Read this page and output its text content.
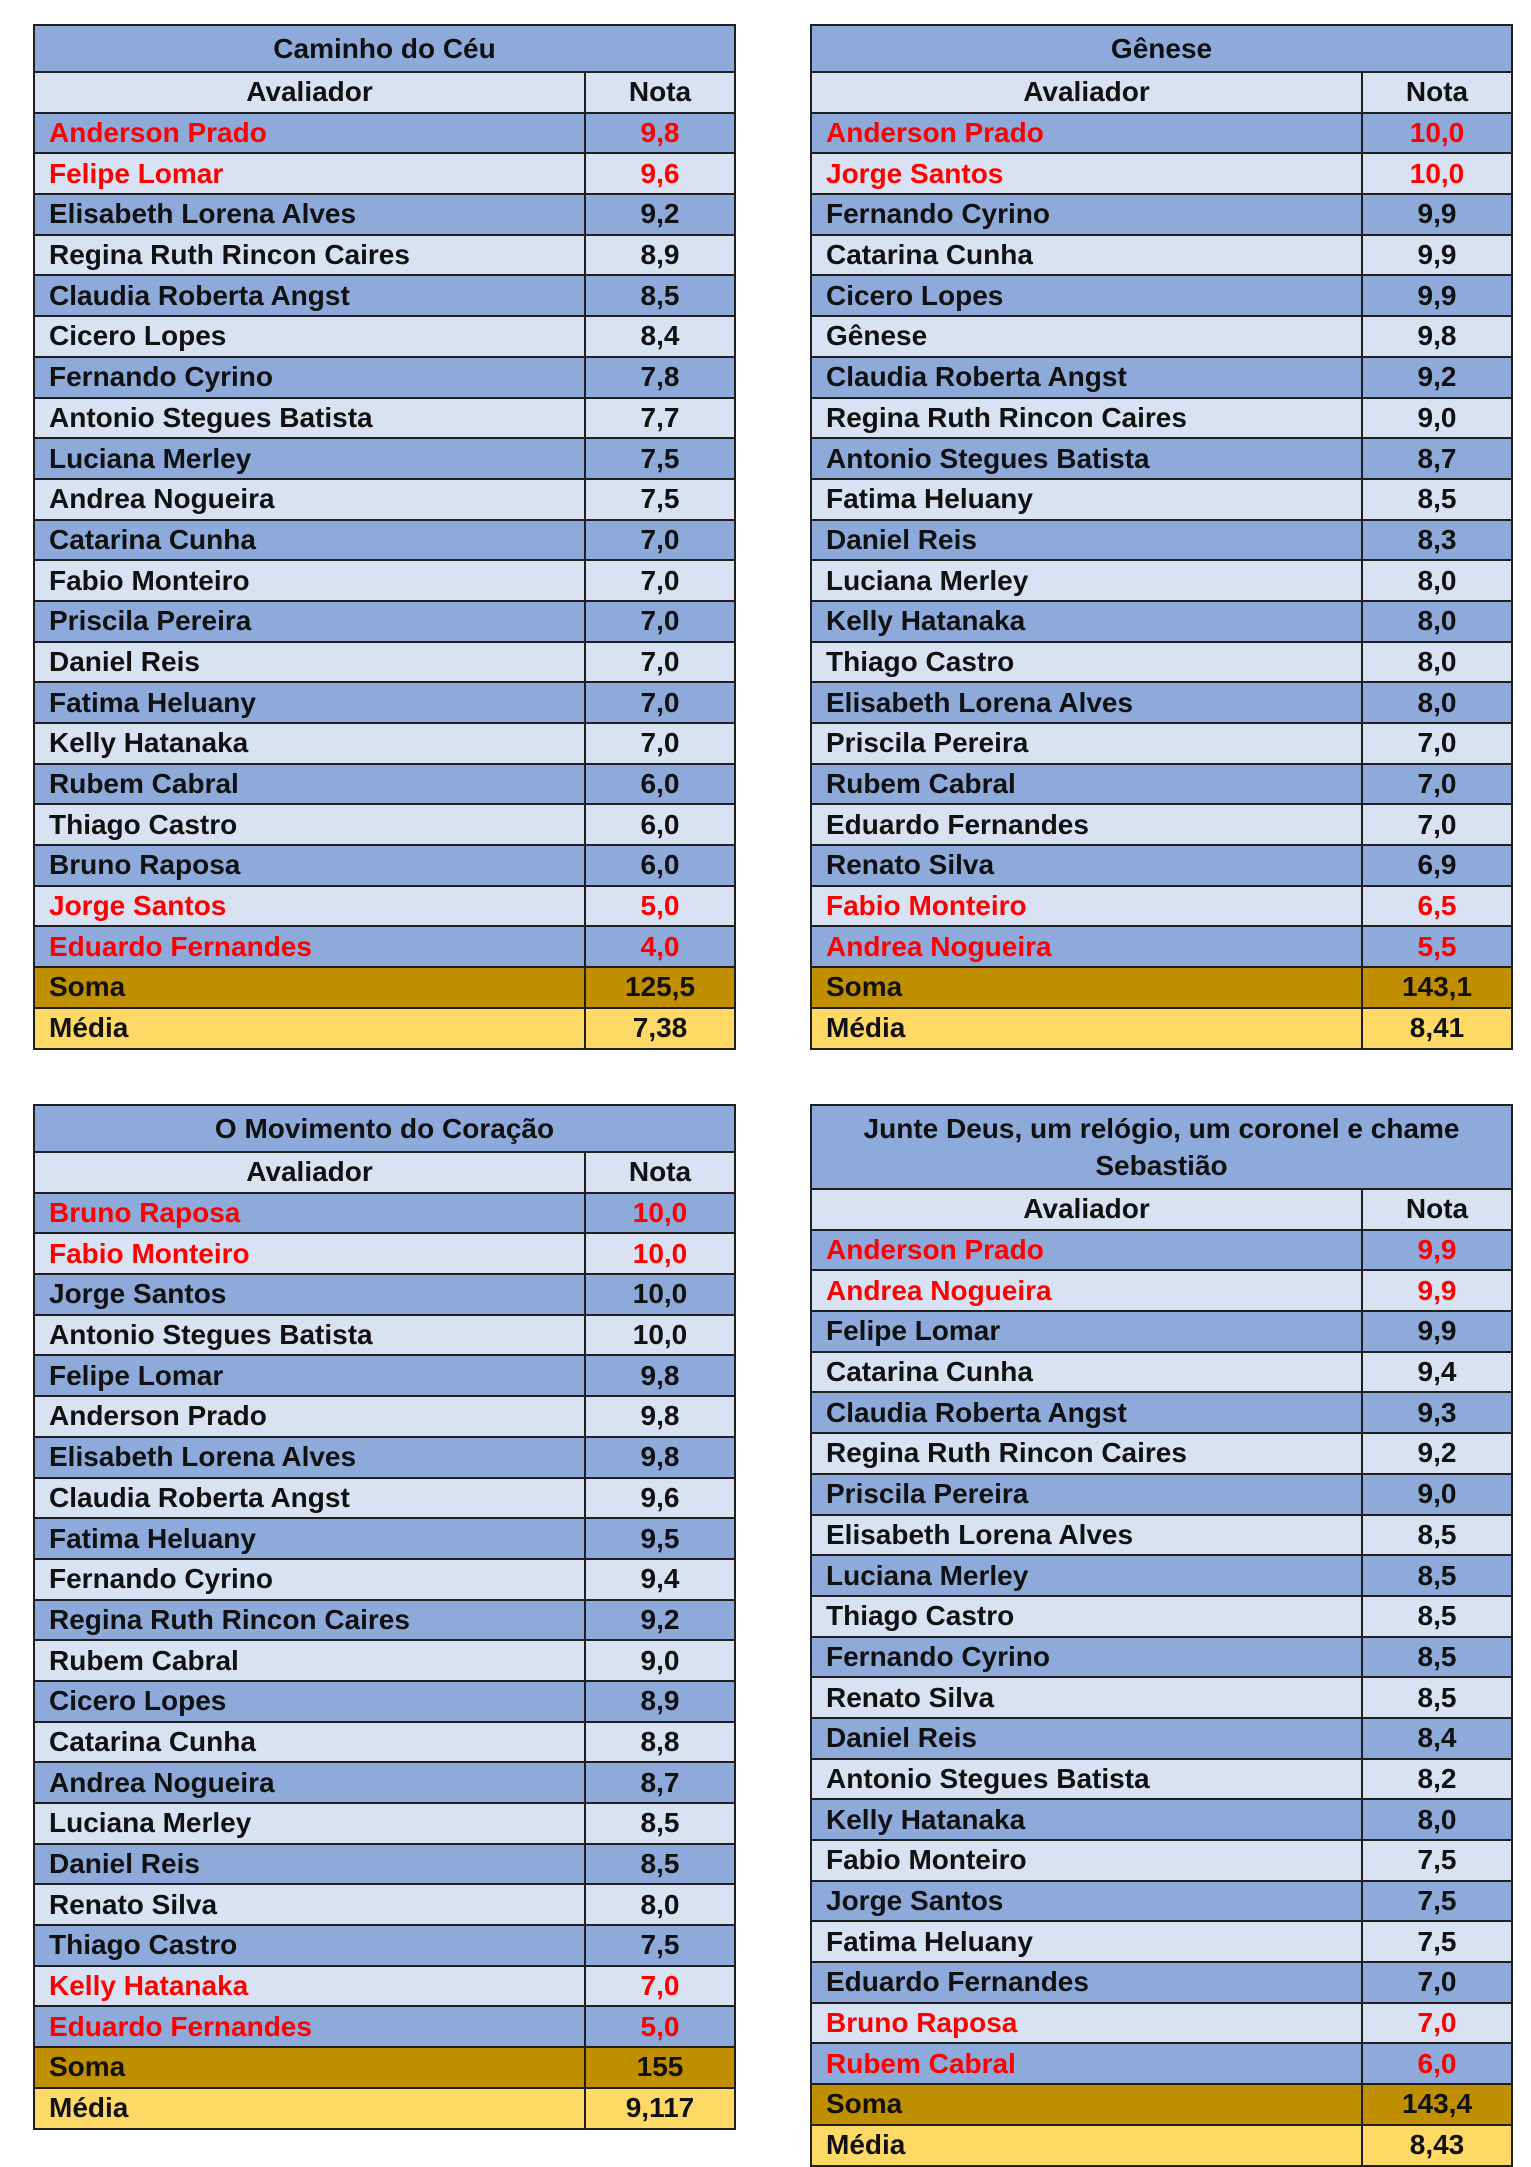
Caminho do Céu	
Avaliador	Nota
Anderson Prado	9,8
Felipe Lomar	9,6
Elisabeth Lorena Alves	9,2
Regina Ruth Rincon Caires	8,9
Claudia Roberta Angst	8,5
Cicero Lopes	8,4
Fernando Cyrino	7,8
Antonio Stegues Batista	7,7
Luciana Merley	7,5
Andrea Nogueira	7,5
Catarina Cunha	7,0
Fabio Monteiro	7,0
Priscila Pereira	7,0
Daniel Reis	7,0
Fatima Heluany	7,0
Kelly Hatanaka	7,0
Rubem Cabral	6,0
Thiago Castro	6,0
Bruno Raposa	6,0
Jorge Santos	5,0
Eduardo Fernandes	4,0
Soma	125,5
Média	7,38
Gênese	
Avaliador	Nota
Anderson Prado	10,0
Jorge Santos	10,0
Fernando Cyrino	9,9
Catarina Cunha	9,9
Cicero Lopes	9,9
Gênese	9,8
Claudia Roberta Angst	9,2
Regina Ruth Rincon Caires	9,0
Antonio Stegues Batista	8,7
Fatima Heluany	8,5
Daniel Reis	8,3
Luciana Merley	8,0
Kelly Hatanaka	8,0
Thiago Castro	8,0
Elisabeth Lorena Alves	8,0
Priscila Pereira	7,0
Rubem Cabral	7,0
Eduardo Fernandes	7,0
Renato Silva	6,9
Fabio Monteiro	6,5
Andrea Nogueira	5,5
Soma	143,1
Média	8,41
O Movimento do Coração	
Avaliador	Nota
Bruno Raposa	10,0
Fabio Monteiro	10,0
Jorge Santos	10,0
Antonio Stegues Batista	10,0
Felipe Lomar	9,8
Anderson Prado	9,8
Elisabeth Lorena Alves	9,8
Claudia Roberta Angst	9,6
Fatima Heluany	9,5
Fernando Cyrino	9,4
Regina Ruth Rincon Caires	9,2
Rubem Cabral	9,0
Cicero Lopes	8,9
Catarina Cunha	8,8
Andrea Nogueira	8,7
Luciana Merley	8,5
Daniel Reis	8,5
Renato Silva	8,0
Thiago Castro	7,5
Kelly Hatanaka	7,0
Eduardo Fernandes	5,0
Soma	155
Média	9,117
Junte Deus, um relógio, um coronel e chame Sebastião	
Avaliador	Nota
Anderson Prado	9,9
Andrea Nogueira	9,9
Felipe Lomar	9,9
Catarina Cunha	9,4
Claudia Roberta Angst	9,3
Regina Ruth Rincon Caires	9,2
Priscila Pereira	9,0
Elisabeth Lorena Alves	8,5
Luciana Merley	8,5
Thiago Castro	8,5
Fernando Cyrino	8,5
Renato Silva	8,5
Daniel Reis	8,4
Antonio Stegues Batista	8,2
Kelly Hatanaka	8,0
Fabio Monteiro	7,5
Jorge Santos	7,5
Fatima Heluany	7,5
Eduardo Fernandes	7,0
Bruno Raposa	7,0
Rubem Cabral	6,0
Soma	143,4
Média	8,43
